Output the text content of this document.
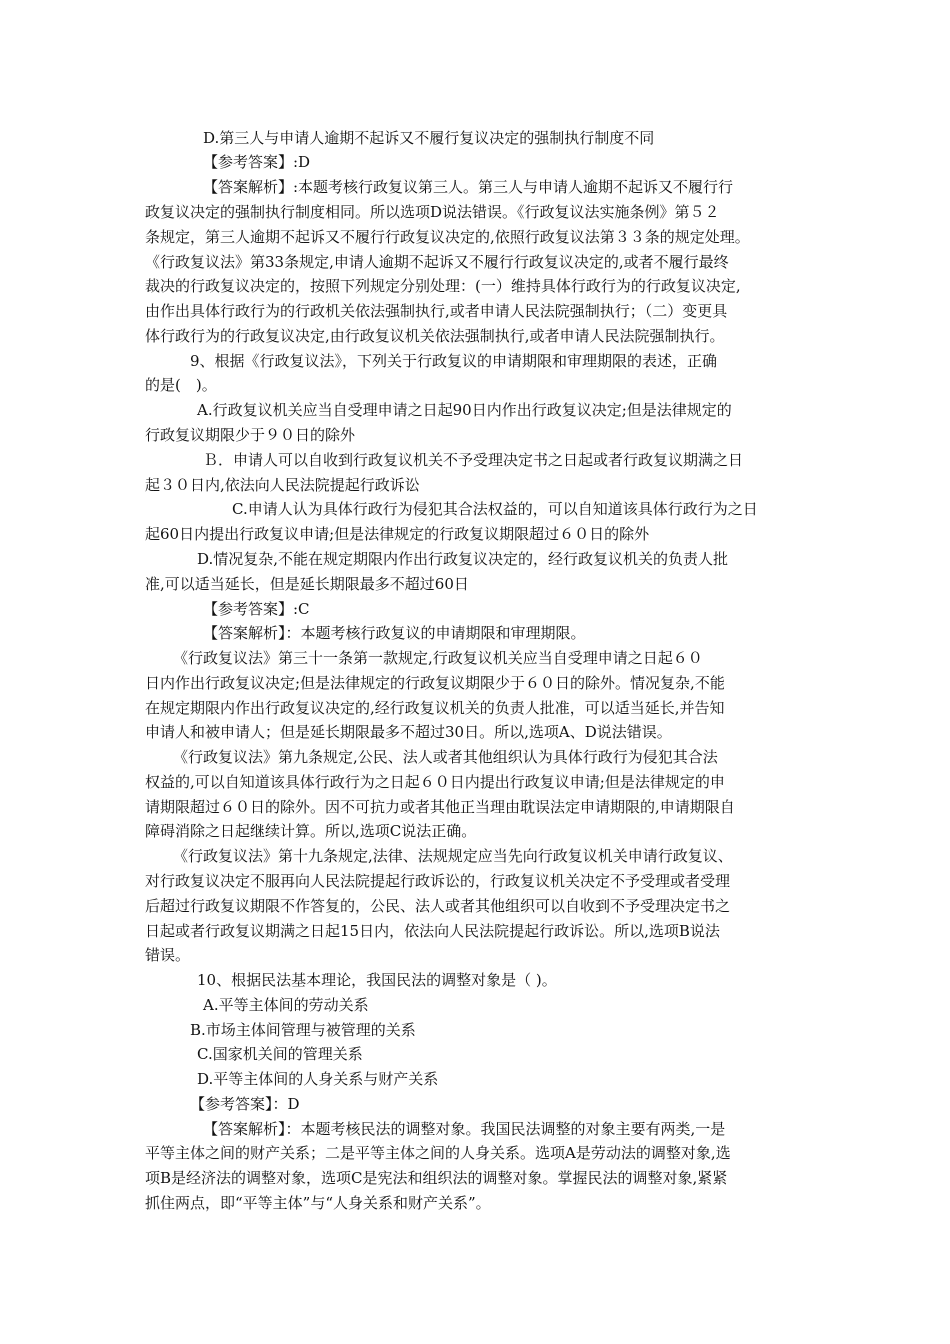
D.第三人与申请人逾期不起诉又不履行复议决定的强制执行制度不同
【参考答案】:D
【答案解析】:本题考核行政复议第三人。第三人与申请人逾期不起诉又不履行行
政复议决定的强制执行制度相同。所以选项D说法错误。《行政复议法实施条例》第５２
条规定，第三人逾期不起诉又不履行行政复议决定的,依照行政复议法第３３条的规定处理。
《行政复议法》第33条规定,申请人逾期不起诉又不履行行政复议决定的,或者不履行最终
裁决的行政复议决定的，按照下列规定分别处理：(一）维持具体行政行为的行政复议决定,
由作出具体行政行为的行政机关依法强制执行,或者申请人民法院强制执行；（二）变更具
体行政行为的行政复议决定,由行政复议机关依法强制执行,或者申请人民法院强制执行。
9、根据《行政复议法》，下列关于行政复议的申请期限和审理期限的表述，正确
的是(　)。
A.行政复议机关应当自受理申请之日起90日内作出行政复议决定;但是法律规定的
行政复议期限少于９０日的除外
Ｂ．申请人可以自收到行政复议机关不予受理决定书之日起或者行政复议期满之日
起３０日内,依法向人民法院提起行政诉讼
C.申请人认为具体行政行为侵犯其合法权益的，可以自知道该具体行政行为之日
起60日内提出行政复议申请;但是法律规定的行政复议期限超过６０日的除外
D.情况复杂,不能在规定期限内作出行政复议决定的，经行政复议机关的负责人批
准,可以适当延长，但是延长期限最多不超过60日
【参考答案】:C
【答案解析】：本题考核行政复议的申请期限和审理期限。
《行政复议法》第三十一条第一款规定,行政复议机关应当自受理申请之日起６０
日内作出行政复议决定;但是法律规定的行政复议期限少于６０日的除外。情况复杂,不能
在规定期限内作出行政复议决定的,经行政复议机关的负责人批准，可以适当延长,并告知
申请人和被申请人；但是延长期限最多不超过30日。所以,选项A、D说法错误。
《行政复议法》第九条规定,公民、法人或者其他组织认为具体行政行为侵犯其合法
权益的,可以自知道该具体行政行为之日起６０日内提出行政复议申请;但是法律规定的申
请期限超过６０日的除外。因不可抗力或者其他正当理由耽误法定申请期限的,申请期限自
障碍消除之日起继续计算。所以,选项C说法正确。
《行政复议法》第十九条规定,法律、法规规定应当先向行政复议机关申请行政复议、
对行政复议决定不服再向人民法院提起行政诉讼的，行政复议机关决定不予受理或者受理
后超过行政复议期限不作答复的，公民、法人或者其他组织可以自收到不予受理决定书之
日起或者行政复议期满之日起15日内，依法向人民法院提起行政诉讼。所以,选项B说法
错误。
10、根据民法基本理论，我国民法的调整对象是（ )。
A.平等主体间的劳动关系
B.市场主体间管理与被管理的关系
C.国家机关间的管理关系
D.平等主体间的人身关系与财产关系
【参考答案】：D
【答案解析】：本题考核民法的调整对象。我国民法调整的对象主要有两类,一是
平等主体之间的财产关系；二是平等主体之间的人身关系。选项A是劳动法的调整对象,选
项B是经济法的调整对象，选项C是宪法和组织法的调整对象。掌握民法的调整对象,紧紧
抓住两点，即“平等主体”与“人身关系和财产关系”。
